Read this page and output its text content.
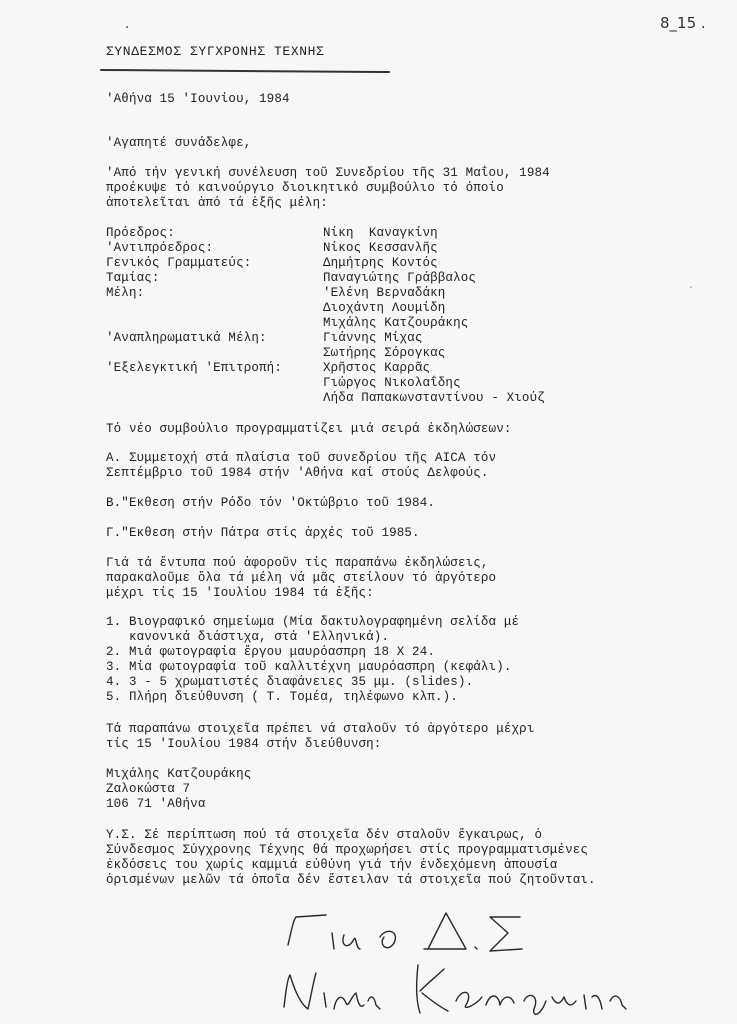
8_15 .
ΣΥΝΔΕΣΜΟΣ ΣΥΓΧΡΟΝΗΣ ΤΕΧΝΗΣ
'Αθήνα 15 'Ιουνίου, 1984
'Αγαπητέ συνάδελφε,
'Από τήν γενική συνέλευση τοῦ Συνεδρίου τῆς 31 Μαΐου, 1984
προέκυψε τό καινούργιο διοικητικό συμβούλιο τό όποίο
ἀποτελεῖται ἀπό τά ἑξῆς μέλη:
Πρόεδρος:	Νίκη  Καναγκίνη
'Αντιπρόεδρος:	Νίκος Κεσσανλῆς
Γενικός Γραμματεύς:	Δημήτρης Κοντός
Ταμίας:	Παναγιώτης Γράββαλος
Μέλη:	'Ελένη Βερναδάκη
Διοχάντη Λουμίδη
Μιχάλης Κατζουράκης
'Αναπληρωματικά Μέλη:	Γιάννης Μίχας
Σωτήρης Σόρογκας
'Εξελεγκτική 'Επιτροπή:	Χρῆστος Καρρᾶς
Γιώργος Νικολαΐδης
Λήδα Παπακωνσταντίνου - Χιούζ
·
Τό νέο συμβούλιο προγραμματίζει μιά σειρά ἐκδηλώσεων:
Α. Συμμετοχή στά πλαίσια τοῦ συνεδρίου τῆς AICA τόν
Σεπτέμβριο τοῦ 1984 στήν 'Αθήνα καί στούς Δελφούς.
Β."Εκθεση στήν Ρόδο τόν 'Οκτώβριο τοῦ 1984.
Γ."Εκθεση στήν Πάτρα στίς ἀρχές τοῦ 1985.
Γιά τά ἔντυπα πού ἀφοροῦν τίς παραπάνω ἐκδηλώσεις,
παρακαλοῦμε ὅλα τά μέλη νά μᾶς στείλουν τό ἀργότερο
μέχρι τίς 15 'Ιουλίου 1984 τά ἑξῆς:
1. Βιογραφικό σημείωμα (Μία δακτυλογραφημένη σελίδα μέ
κανονικά διάστιχα, στά 'Ελληνικά).
2. Μιά φωτογραφία ἔργου μαυρόασπρη 18 Χ 24.
3. Μία φωτογραφία τοῦ καλλιτέχνη μαυρόασπρη (κεφάλι).
4. 3 - 5 χρωματιστές διαφάνειες 35 μμ. (slides).
5. Πλήρη διεύθυνση ( Τ. Τομέα, τηλέφωνο κλπ.).
Τά παραπάνω στοιχεῖα πρέπει νά σταλοῦν τό ἀργότερο μέχρι
τίς 15 'Ιουλίου 1984 στήν διεύθυνση:
Μιχάλης Κατζουράκης
Ζαλοκώστα 7
106 71 'Αθήνα
Υ.Σ. Σέ περίπτωση πού τά στοιχεῖα δέν σταλοῦν ἔγκαιρως, ὁ
Σύνδεσμος Σύγχρονης Τέχνης θά προχωρήσει στίς προγραμματισμένες
ἐκδόσεις του χωρίς καμμιά εὐθύνη γιά τήν ἐνδεχόμενη ἀπουσία
ὁρισμένων μελῶν τά ὁποῖα δέν ἔστειλαν τά στοιχεῖα πού ζητοῦνται.
